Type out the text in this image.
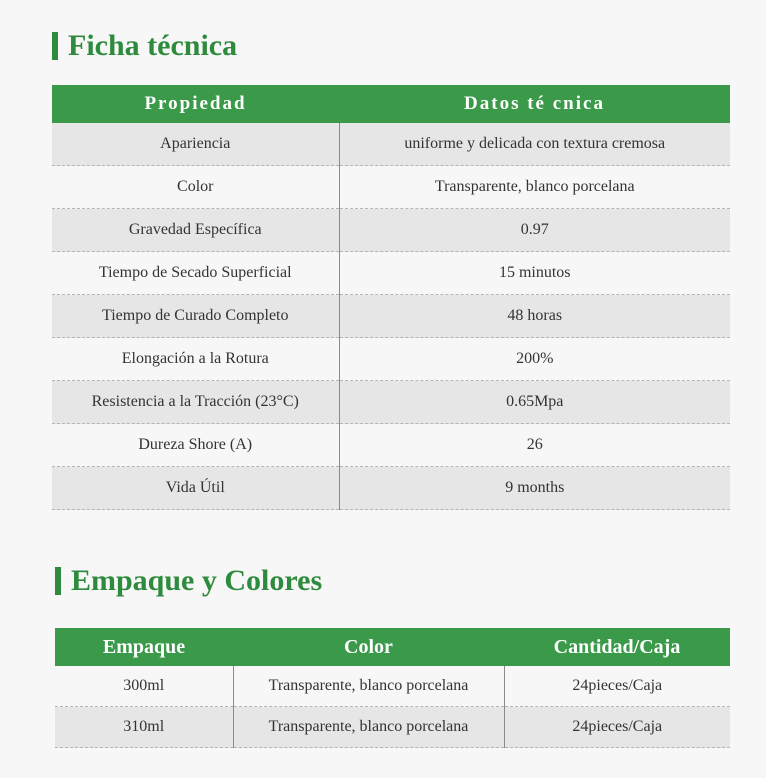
Ficha técnica
Propiedad	Datos té cnica
Apariencia	uniforme y delicada con textura cremosa
Color	Transparente, blanco porcelana
Gravedad Específica	0.97
Tiempo de Secado Superficial	15 minutos
Tiempo de Curado Completo	48 horas
Elongación a la Rotura	200%
Resistencia a la Tracción (23°C)	0.65Mpa
Dureza Shore (A)	26
Vida Útil	9 months
Empaque y Colores
Empaque	Color	Cantidad/Caja
300ml	Transparente, blanco porcelana	24pieces/Caja
310ml	Transparente, blanco porcelana	24pieces/Caja
